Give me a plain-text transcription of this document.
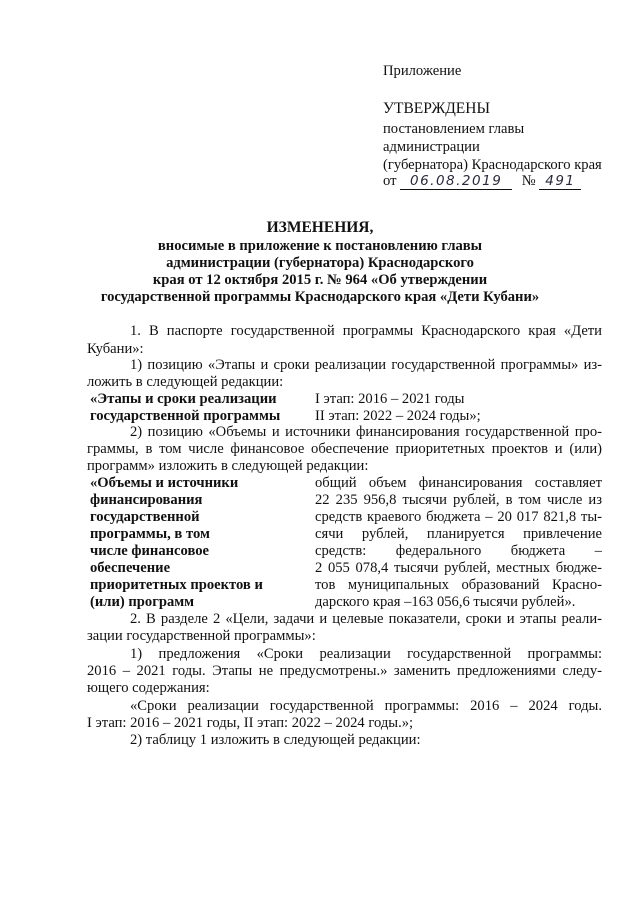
Приложение
УТВЕРЖДЕНЫ
постановлением главы
администрации
(губернатора) Краснодарского края
от 06.08.2019 № 491
ИЗМЕНЕНИЯ,
вносимые в приложение к постановлению главы
администрации (губернатора) Краснодарского
края от 12 октября 2015 г. № 964 «Об утверждении
государственной программы Краснодарского края «Дети Кубани»
1. В паспорте государственной программы Краснодарского края «Дети
Кубани»:
1) позицию «Этапы и сроки реализации государственной программы» из-
ложить в следующей редакции:
«Этапы и сроки реализации
государственной программы
I этап: 2016 – 2021 годы
II этап: 2022 – 2024 годы»;
2) позицию «Объемы и источники финансирования государственной про-
граммы, в том числе финансовое обеспечение приоритетных проектов и (или)
программ» изложить в следующей редакции:
«Объемы и источники
финансирования
государственной
программы, в том
числе финансовое
обеспечение
приоритетных проектов и
(или) программ
общий объем финансирования составляет
22 235 956,8 тысячи рублей, в том числе из
средств краевого бюджета – 20 017 821,8 ты-
сячи рублей, планируется привлечение
средств: федерального бюджета –
2 055 078,4 тысячи рублей, местных бюдже-
тов муниципальных образований Красно-
дарского края –163 056,6 тысячи рублей».
2. В разделе 2 «Цели, задачи и целевые показатели, сроки и этапы реали-
зации государственной программы»:
1) предложения «Сроки реализации государственной программы:
2016 – 2021 годы. Этапы не предусмотрены.» заменить предложениями следу-
ющего содержания:
«Сроки реализации государственной программы: 2016 – 2024 годы.
I этап: 2016 – 2021 годы, II этап: 2022 – 2024 годы.»;
2) таблицу 1 изложить в следующей редакции:
